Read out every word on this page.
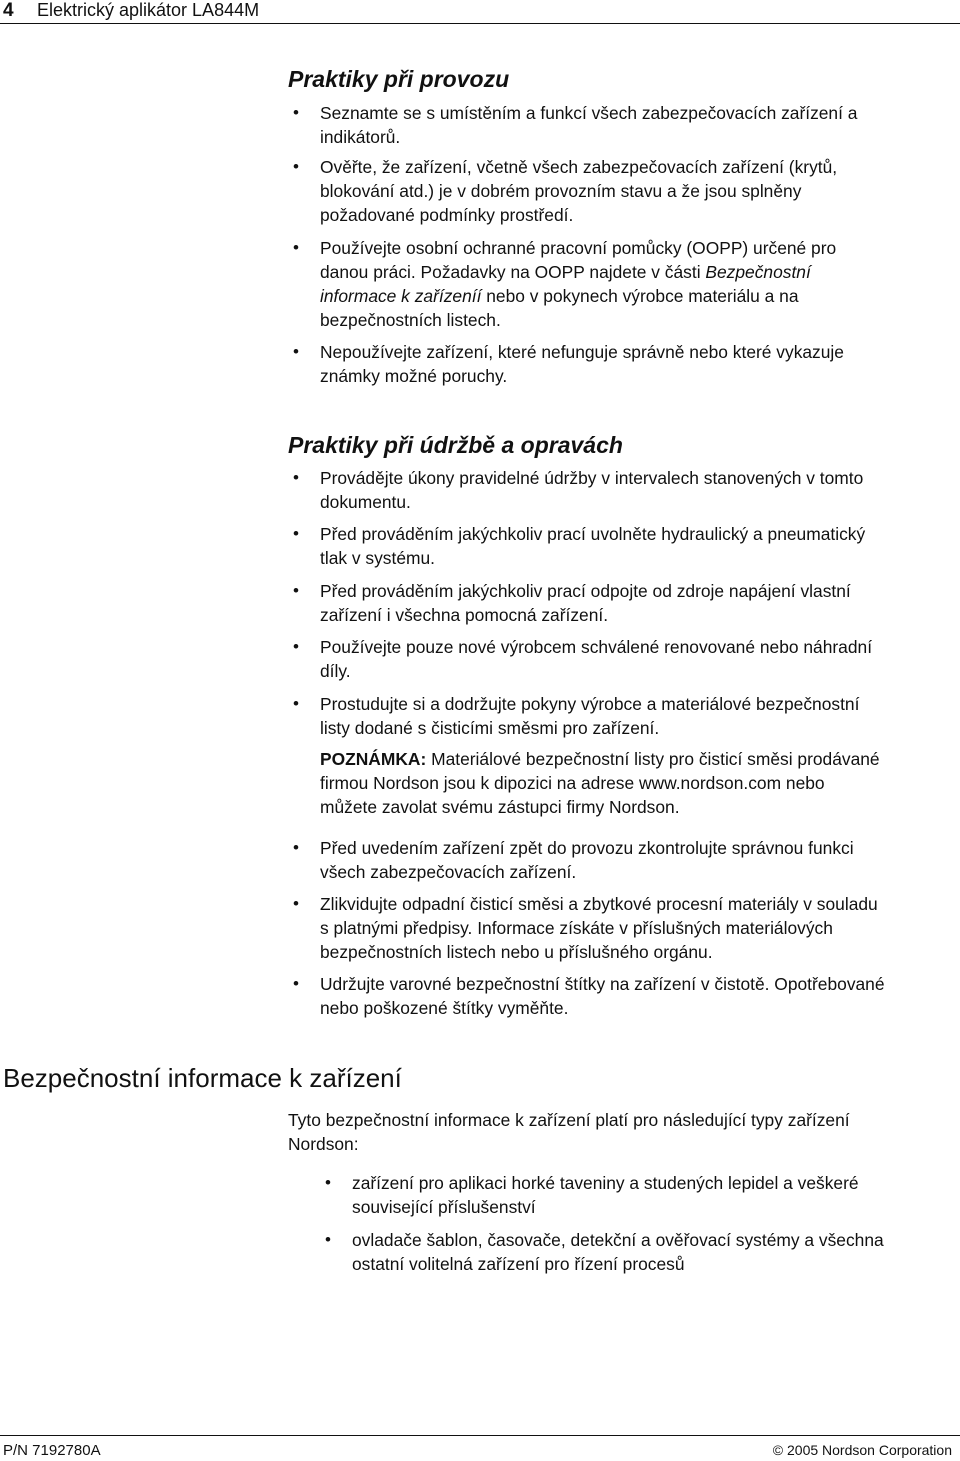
4 Elektrický aplikátor LA844M
Praktiky při provozu
• Seznamte se s umístěním a funkcí všech zabezpečovacích zařízení a
indikátorů.
• Ověřte, že zařízení, včetně všech zabezpečovacích zařízení (krytů,
blokování atd.) je v dobrém provozním stavu a že jsou splněny
požadované podmínky prostředí.
• Používejte osobní ochranné pracovní pomůcky (OOPP) určené pro
danou práci. Požadavky na OOPP najdete v části Bezpečnostní
informace k zařízeníí nebo v pokynech výrobce materiálu a na
bezpečnostních listech.
• Nepoužívejte zařízení, které nefunguje správně nebo které vykazuje
známky možné poruchy.
Praktiky při údržbě a opravách
• Provádějte úkony pravidelné údržby v intervalech stanovených v tomto
dokumentu.
• Před prováděním jakýchkoliv prací uvolněte hydraulický a pneumatický
tlak v systému.
• Před prováděním jakýchkoliv prací odpojte od zdroje napájení vlastní
zařízení i všechna pomocná zařízení.
• Používejte pouze nové výrobcem schválené renovované nebo náhradní
díly.
• Prostudujte si a dodržujte pokyny výrobce a materiálové bezpečnostní
listy dodané s čisticími směsmi pro zařízení.
POZNÁMKA: Materiálové bezpečnostní listy pro čisticí směsi prodávané
firmou Nordson jsou k dipozici na adrese www.nordson.com nebo
můžete zavolat svému zástupci firmy Nordson.
• Před uvedením zařízení zpět do provozu zkontrolujte správnou funkci
všech zabezpečovacích zařízení.
• Zlikvidujte odpadní čisticí směsi a zbytkové procesní materiály v souladu
s platnými předpisy. Informace získáte v příslušných materiálových
bezpečnostních listech nebo u příslušného orgánu.
• Udržujte varovné bezpečnostní štítky na zařízení v čistotě. Opotřebované
nebo poškozené štítky vyměňte.
Bezpečnostní informace k zařízení
Tyto bezpečnostní informace k zařízení platí pro následující typy zařízení
Nordson:
• zařízení pro aplikaci horké taveniny a studených lepidel a veškeré
související příslušenství
• ovladače šablon, časovače, detekční a ověřovací systémy a všechna
ostatní volitelná zařízení pro řízení procesů
P/N 7192780A	© 2005 Nordson Corporation
